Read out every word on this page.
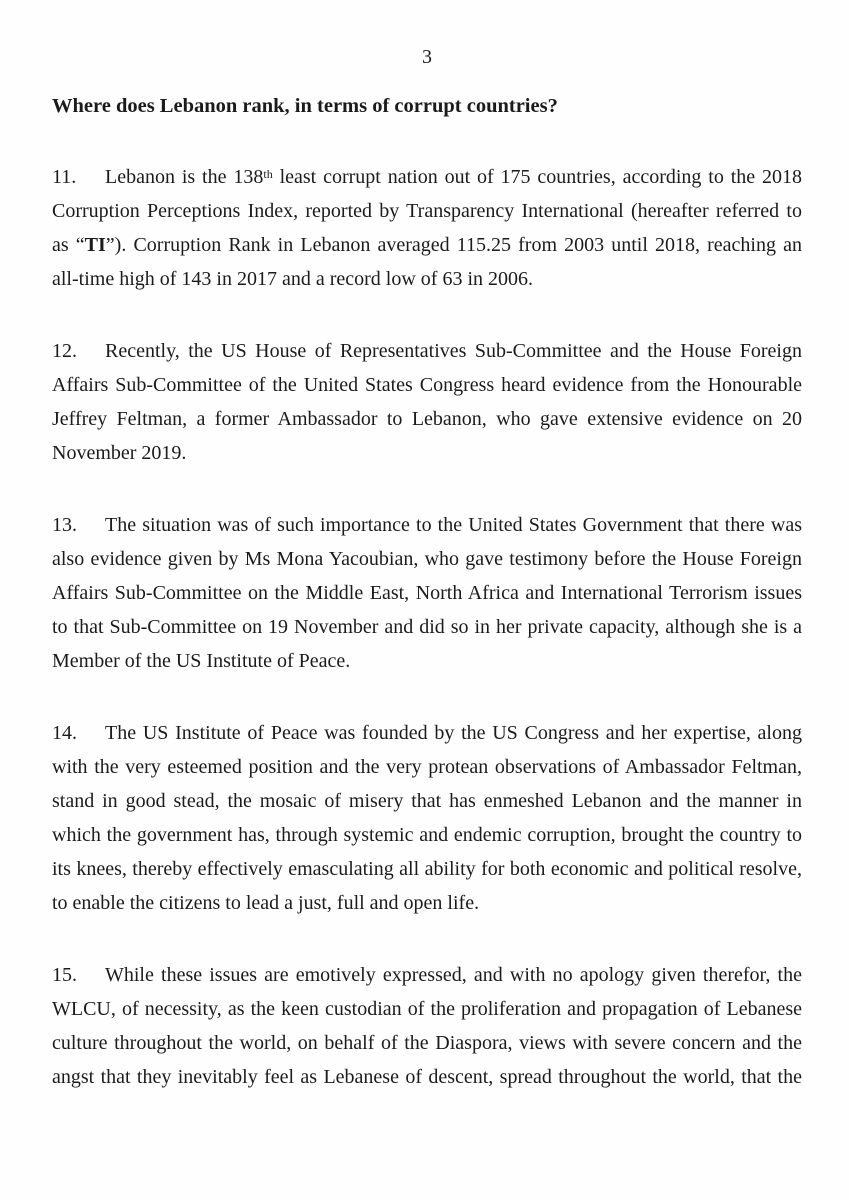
3
Where does Lebanon rank, in terms of corrupt countries?
11. Lebanon is the 138th least corrupt nation out of 175 countries, according to the 2018
Corruption Perceptions Index, reported by Transparency International (hereafter referred to
as “TI”). Corruption Rank in Lebanon averaged 115.25 from 2003 until 2018, reaching an
all-time high of 143 in 2017 and a record low of 63 in 2006.
12. Recently, the US House of Representatives Sub-Committee and the House Foreign
Affairs Sub-Committee of the United States Congress heard evidence from the Honourable
Jeffrey Feltman, a former Ambassador to Lebanon, who gave extensive evidence on 20
November 2019.
13. The situation was of such importance to the United States Government that there was
also evidence given by Ms Mona Yacoubian, who gave testimony before the House Foreign
Affairs Sub-Committee on the Middle East, North Africa and International Terrorism issues
to that Sub-Committee on 19 November and did so in her private capacity, although she is a
Member of the US Institute of Peace.
14. The US Institute of Peace was founded by the US Congress and her expertise, along
with the very esteemed position and the very protean observations of Ambassador Feltman,
stand in good stead, the mosaic of misery that has enmeshed Lebanon and the manner in
which the government has, through systemic and endemic corruption, brought the country to
its knees, thereby effectively emasculating all ability for both economic and political resolve,
to enable the citizens to lead a just, full and open life.
15. While these issues are emotively expressed, and with no apology given therefor, the
WLCU, of necessity, as the keen custodian of the proliferation and propagation of Lebanese
culture throughout the world, on behalf of the Diaspora, views with severe concern and the
angst that they inevitably feel as Lebanese of descent, spread throughout the world, that the
